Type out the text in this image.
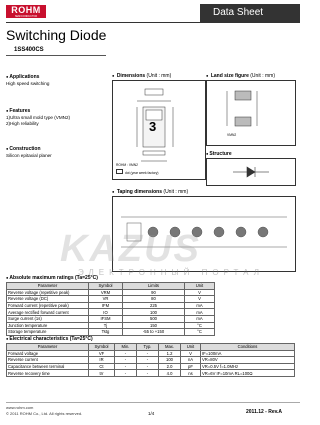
ROHM
SEMICONDUCTOR	Data Sheet
Switching Diode
1SS400CS
● Applications
High speed switching
● Features
1)Ultra small mold type (VMN2)
2)High reliability
● Construction
Silicon epitaxial planer
● Dimensions (Unit : mm)
3
ROHM : VMN2
dot (year week factory)
● Land size figure (Unit : mm)
VMN2
● Structure
● Taping dimensions (Unit : mm)
KAZUS
ЭЛЕКТРОННЫЙ ПОРТАЛ
● Absolute maximum ratings (Ta=25°C)
Parameter	Symbol	Limits	Unit
Reverse voltage (repetitive peak)	VRM	90	V
Reverse voltage (DC)	VR	80	V
Forward current (repetitive peak)	IFM	225	mA
Average rectified forward current	IO	100	mA
Surge current (1s)	IFSM	500	mA
Junction temperature	Tj	150	°C
Storage temperature	Tstg	-55 to +150	°C
● Electrical characteristics (Ta=25°C)
Parameter	Symbol	Min.	Typ.	Max.	Unit	Conditions
Forward voltage	VF	-	-	1.2	V	IF=100mA
Reverse current	IR	-	-	100	nA	VR=80V
Capacitance between terminal	Ct	-	-	2.0	pF	VR=0.5V f=1.0MHz
Reverse recovery time	trr	-	-	4.0	ns	VR=6V IF=10mA RL=100Ω
www.rohm.com
© 2011 ROHM Co., Ltd. All rights reserved.	1/4	2011.12 - Rev.A
